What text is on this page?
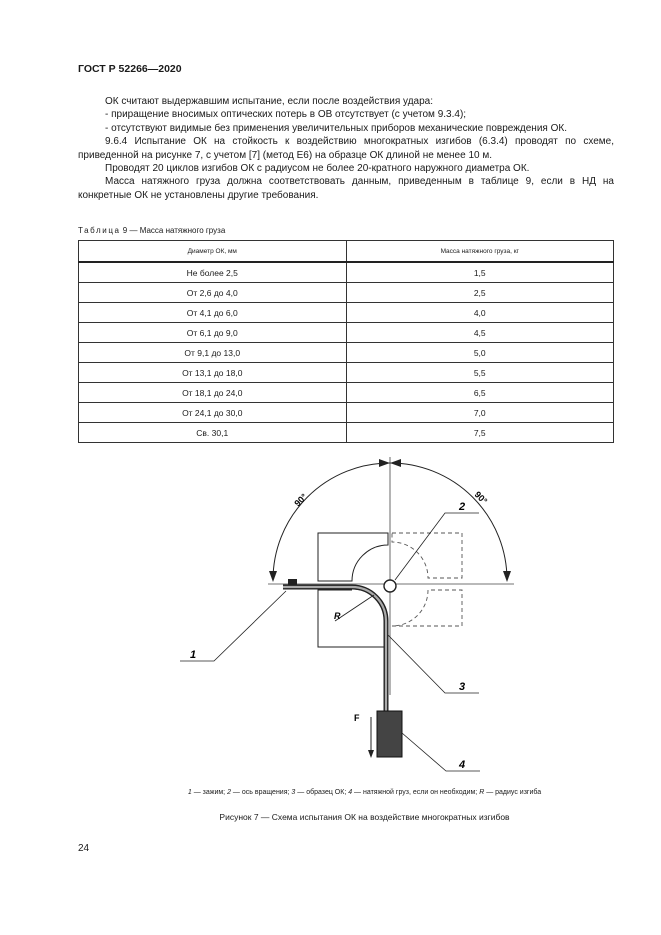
ГОСТ Р 52266—2020
ОК считают выдержавшим испытание, если после воздействия удара:
- приращение вносимых оптических потерь в ОВ отсутствует (с учетом 9.3.4);
- отсутствуют видимые без применения увеличительных приборов механические повреждения ОК.
9.6.4 Испытание ОК на стойкость к воздействию многократных изгибов (6.3.4) проводят по схеме, приведенной на рисунке 7, с учетом [7] (метод Е6) на образце ОК длиной не менее 10 м.
Проводят 20 циклов изгибов ОК с радиусом не более 20-кратного наружного диаметра ОК.
Масса натяжного груза должна соответствовать данным, приведенным в таблице 9, если в НД на конкретные ОК не установлены другие требования.
Таблица 9 — Масса натяжного груза
Диаметр ОК, мм	Масса натяжного груза, кг
Не более 2,5	1,5
От 2,6 до 4,0	2,5
От 4,1 до 6,0	4,0
От 6,1 до 9,0	4,5
От 9,1 до 13,0	5,0
От 13,1 до 18,0	5,5
От 18,1 до 24,0	6,5
От 24,1 до 30,0	7,0
Св. 30,1	7,5
90°	90°
R
F
1
2
3
4
1 — зажим; 2 — ось вращения; 3 — образец ОК; 4 — натяжной груз, если он необходим; R — радиус изгиба
Рисунок 7 — Схема испытания ОК на воздействие многократных изгибов
24
